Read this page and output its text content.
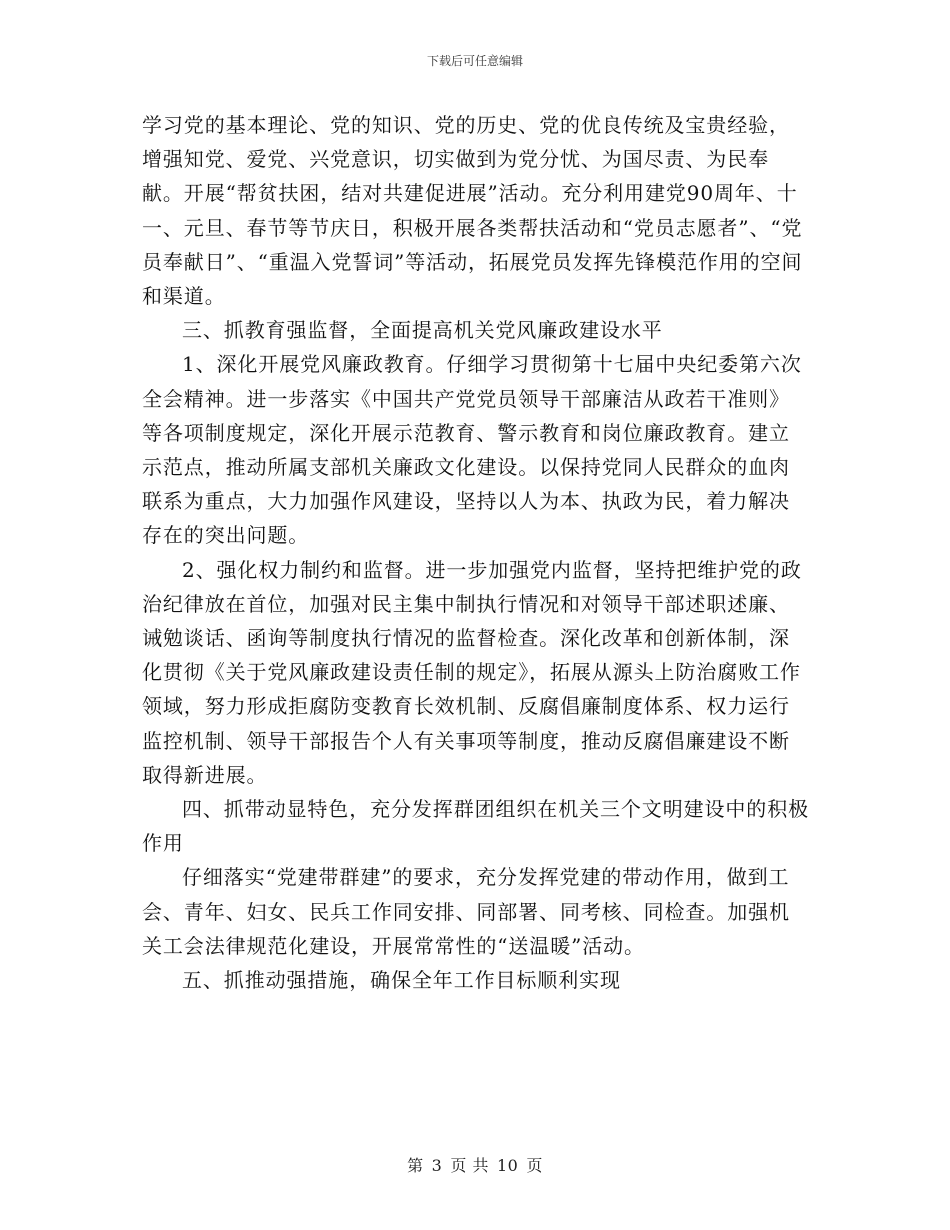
下载后可任意编辑

学习党的基本理论、党的知识、党的历史、党的优良传统及宝贵经验，增强知党、爱党、兴党意识，切实做到为党分忧、为国尽责、为民奉献。开展“帮贫扶困，结对共建促进展”活动。充分利用建党90周年、十一、元旦、春节等节庆日，积极开展各类帮扶活动和“党员志愿者”、“党员奉献日”、“重温入党誓词”等活动，拓展党员发挥先锋模范作用的空间和渠道。

三、抓教育强监督，全面提高机关党风廉政建设水平

1、深化开展党风廉政教育。仔细学习贯彻第十七届中央纪委第六次全会精神。进一步落实《中国共产党党员领导干部廉洁从政若干准则》等各项制度规定，深化开展示范教育、警示教育和岗位廉政教育。建立示范点，推动所属支部机关廉政文化建设。以保持党同人民群众的血肉联系为重点，大力加强作风建设，坚持以人为本、执政为民，着力解决存在的突出问题。

2、强化权力制约和监督。进一步加强党内监督，坚持把维护党的政治纪律放在首位，加强对民主集中制执行情况和对领导干部述职述廉、诫勉谈话、函询等制度执行情况的监督检查。深化改革和创新体制，深化贯彻《关于党风廉政建设责任制的规定》，拓展从源头上防治腐败工作领域，努力形成拒腐防变教育长效机制、反腐倡廉制度体系、权力运行监控机制、领导干部报告个人有关事项等制度，推动反腐倡廉建设不断取得新进展。

四、抓带动显特色，充分发挥群团组织在机关三个文明建设中的积极作用

仔细落实“党建带群建”的要求，充分发挥党建的带动作用，做到工会、青年、妇女、民兵工作同安排、同部署、同考核、同检查。加强机关工会法律规范化建设，开展常常性的“送温暖”活动。

五、抓推动强措施，确保全年工作目标顺利实现

第 3 页 共 10 页
